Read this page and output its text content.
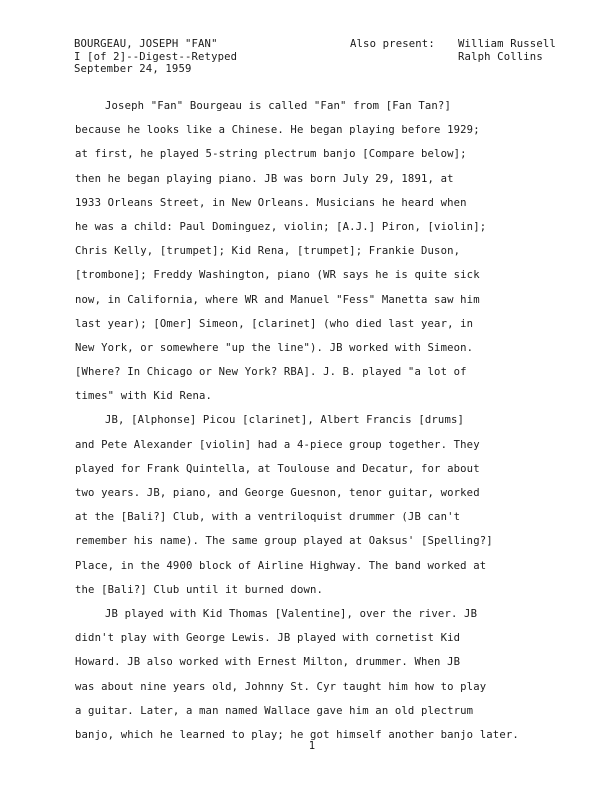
BOURGEAU, JOSEPH "FAN"
I [of 2]--Digest--Retyped
September 24, 1959
Also present: William Russell
Ralph Collins
Joseph "Fan" Bourgeau is called "Fan" from [Fan Tan?]
because he looks like a Chinese. He began playing before 1929;
at first, he played 5-string plectrum banjo [Compare below];
then he began playing piano. JB was born July 29, 1891, at
1933 Orleans Street, in New Orleans. Musicians he heard when
he was a child: Paul Dominguez, violin; [A.J.] Piron, [violin];
Chris Kelly, [trumpet]; Kid Rena, [trumpet]; Frankie Duson,
[trombone]; Freddy Washington, piano (WR says he is quite sick
now, in California, where WR and Manuel "Fess" Manetta saw him
last year); [Omer] Simeon, [clarinet] (who died last year, in
New York, or somewhere "up the line"). JB worked with Simeon.
[Where? In Chicago or New York? RBA]. J. B. played "a lot of
times" with Kid Rena.
JB, [Alphonse] Picou [clarinet], Albert Francis [drums]
and Pete Alexander [violin] had a 4-piece group together. They
played for Frank Quintella, at Toulouse and Decatur, for about
two years. JB, piano, and George Guesnon, tenor guitar, worked
at the [Bali?] Club, with a ventriloquist drummer (JB can't
remember his name). The same group played at Oaksus' [Spelling?]
Place, in the 4900 block of Airline Highway. The band worked at
the [Bali?] Club until it burned down.
JB played with Kid Thomas [Valentine], over the river. JB
didn't play with George Lewis. JB played with cornetist Kid
Howard. JB also worked with Ernest Milton, drummer. When JB
was about nine years old, Johnny St. Cyr taught him how to play
a guitar. Later, a man named Wallace gave him an old plectrum
banjo, which he learned to play; he got himself another banjo later.
1
